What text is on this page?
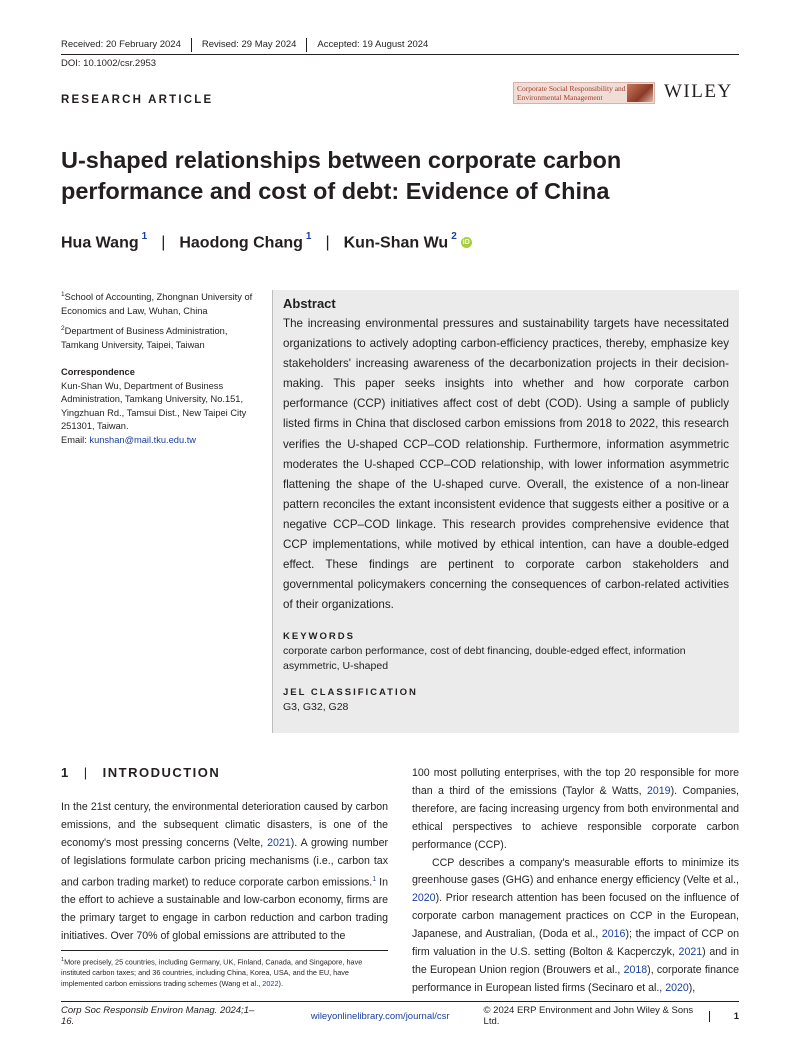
Received: 20 February 2024	Revised: 29 May 2024	Accepted: 19 August 2024
DOI: 10.1002/csr.2953
RESEARCH ARTICLE
Corporate Social Responsibility and Environmental Management	WILEY
U-shaped relationships between corporate carbon performance and cost of debt: Evidence of China
Hua Wang $^1$ | Haodong Chang $^1$ | Kun-Shan Wu $^2$
iD

$^1$School of Accounting, Zhongnan University of Economics and Law, Wuhan, China

$^2$Department of Business Administration, Tamkang University, Taipei, Taiwan

Correspondence

Kun-Shan Wu, Department of Business Administration, Tamkang University, No.151, Yingzhuan Rd., Tamsui Dist., New Taipei City 251301, Taiwan.

Email: kunshan@mail.tku.edu.tw

Abstract
The increasing environmental pressures and sustainability targets have necessitated organizations to actively adopting carbon-efficiency practices, thereby, emphasize key stakeholders' increasing awareness of the decarbonization projects in their decision-making. This paper seeks insights into whether and how corporate carbon performance (CCP) initiatives affect cost of debt (COD). Using a sample of publicly listed firms in China that disclosed carbon emissions from 2018 to 2022, this research verifies the U-shaped CCP–COD relationship. Furthermore, information asymmetric moderates the U-shaped CCP–COD relationship, with lower information asymmetric flattening the shape of the U-shaped curve. Overall, the existence of a non-linear pattern reconciles the extant inconsistent evidence that suggests either a positive or a negative CCP–COD linkage. This research provides comprehensive evidence that CCP implementations, while motived by ethical intention, can have a double-edged effect. These findings are pertinent to corporate carbon stakeholders and governmental policymakers concerning the consequences of carbon-related activities of their organizations.
KEYWORDS
corporate carbon performance, cost of debt financing, double-edged effect, information asymmetric, U-shaped
JEL CLASSIFICATION
G3, G32, G28
1 | INTRODUCTION

In the 21st century, the environmental deterioration caused by carbon emissions, and the subsequent climatic disasters, is one of the economy's most pressing concerns (Velte, 2021). A growing number of legislations formulate carbon pricing mechanisms (i.e., carbon tax and carbon trading market) to reduce corporate carbon emissions.$^1$ In the effort to achieve a sustainable and low-carbon economy, firms are the primary target to engage in carbon reduction and carbon trading initiatives. Over 70% of global emissions are attributed to the

$^1$More precisely, 25 countries, including Germany, UK, Finland, Canada, and Singapore, have instituted carbon taxes; and 36 countries, including China, Korea, USA, and the EU, have implemented carbon emissions trading schemes (Wang et al., 2022).

100 most polluting enterprises, with the top 20 responsible for more than a third of the emissions (Taylor & Watts, 2019). Companies, therefore, are facing increasing urgency from both environmental and ethical perspectives to achieve responsible corporate carbon performance (CCP).

CCP describes a company's measurable efforts to minimize its greenhouse gases (GHG) and enhance energy efficiency (Velte et al., 2020). Prior research attention has been focused on the influence of corporate carbon management practices on CCP in the European, Japanese, and Australian, (Doda et al., 2016); the impact of CCP on firm valuation in the U.S. setting (Bolton & Kacperczyk, 2021) and in the European Union region (Brouwers et al., 2018), corporate finance performance in European listed firms (Secinaro et al., 2020),

Corp Soc Responsib Environ Manag. 2024;1–16.	wileyonlinelibrary.com/journal/csr	© 2024 ERP Environment and John Wiley & Sons Ltd.	1
